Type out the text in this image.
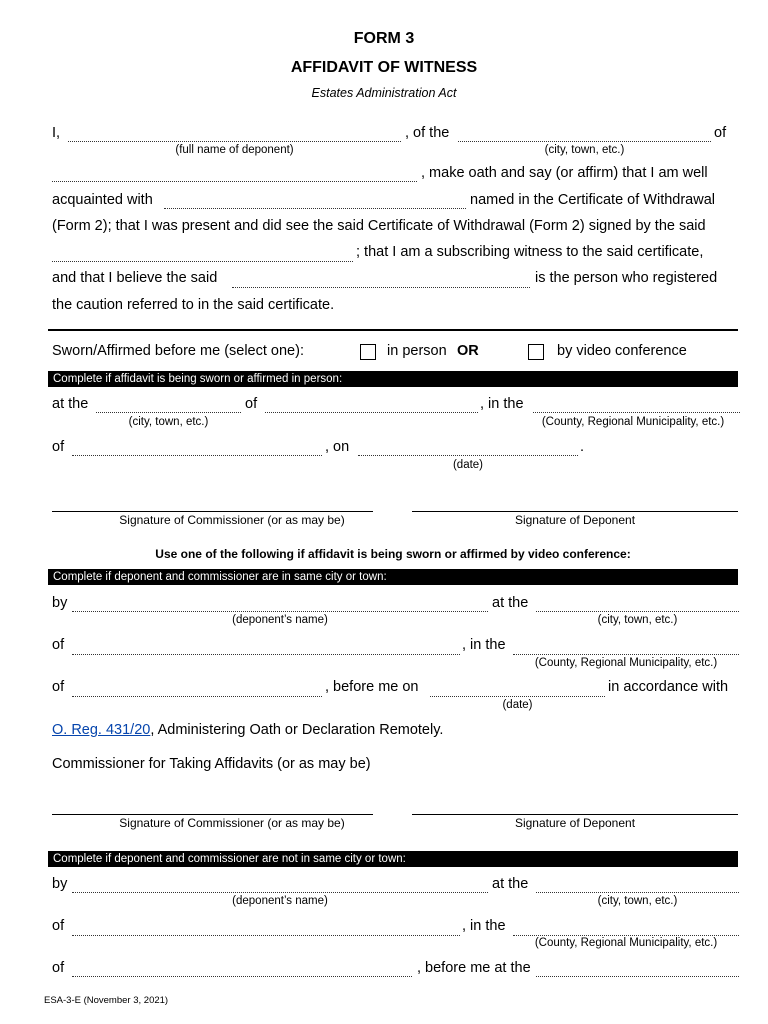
FORM 3
AFFIDAVIT OF WITNESS
Estates Administration Act
I,	, of the	of
(full name of deponent)	(city, town, etc.)
, make oath and say (or affirm) that I am well
acquainted with	named in the Certificate of Withdrawal
(Form 2); that I was present and did see the said Certificate of Withdrawal (Form 2) signed by the said
; that I am a subscribing witness to the said certificate,
and that I believe the said	is the person who registered
the caution referred to in the said certificate.
Sworn/Affirmed before me (select one):	in person OR	by video conference
Complete if affidavit is being sworn or affirmed in person:
at the	of	, in the
(city, town, etc.)	(County, Regional Municipality, etc.)
of	, on	.
(date)
Signature of Commissioner (or as may be)	Signature of Deponent
Use one of the following if affidavit is being sworn or affirmed by video conference:
Complete if deponent and commissioner are in same city or town:
by	at the
(deponent’s name)	(city, town, etc.)
of	, in the
(County, Regional Municipality, etc.)
of	, before me on	in accordance with
(date)
O. Reg. 431/20, Administering Oath or Declaration Remotely.
Commissioner for Taking Affidavits (or as may be)
Signature of Commissioner (or as may be)	Signature of Deponent
Complete if deponent and commissioner are not in same city or town:
by	at the
(deponent’s name)	(city, town, etc.)
of	, in the
(County, Regional Municipality, etc.)
of	, before me at the
ESA-3-E (November 3, 2021)
